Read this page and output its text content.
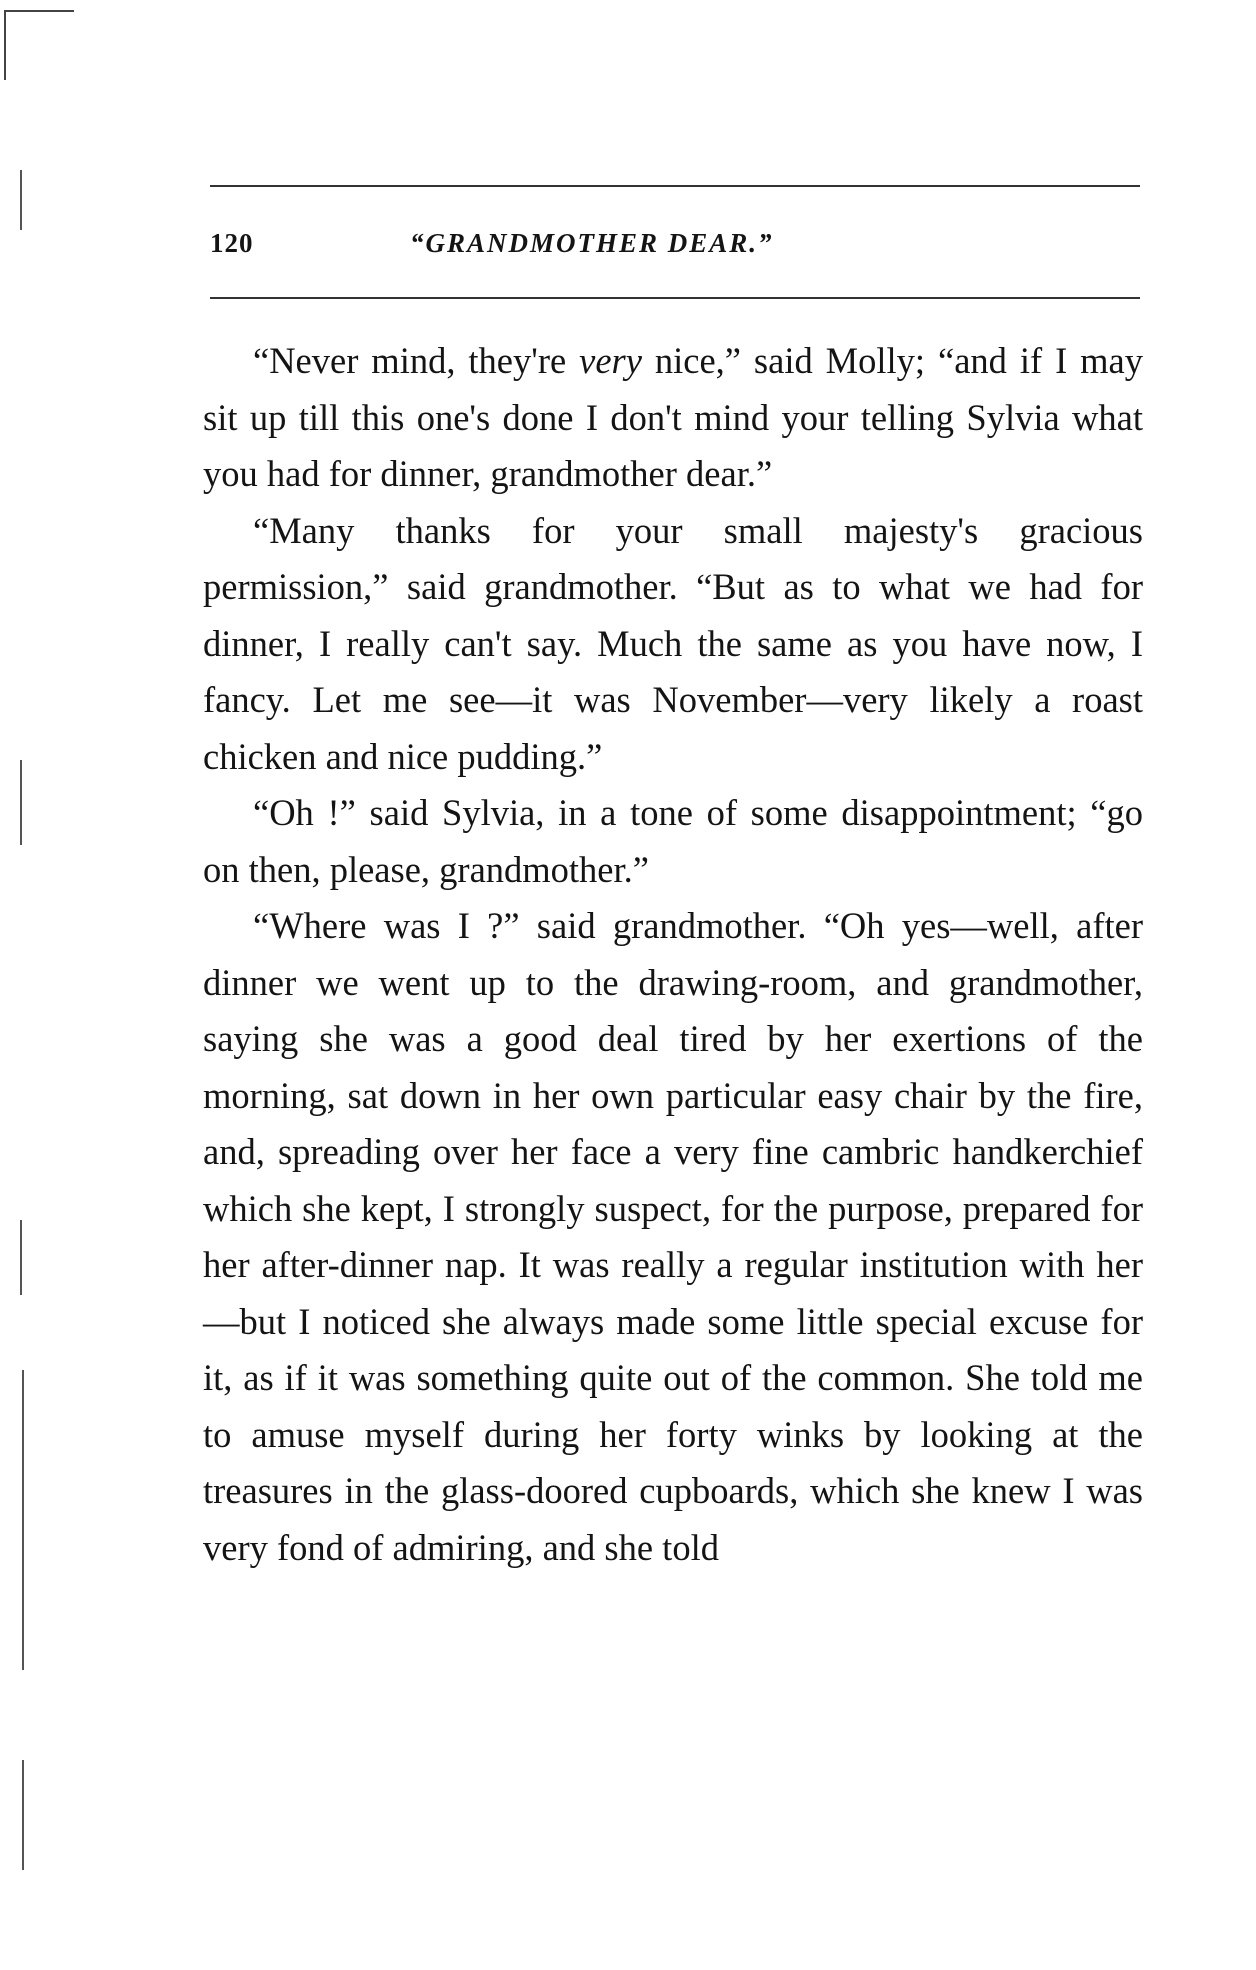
120	“GRANDMOTHER DEAR.”

“Never mind, they're very nice,” said Molly; “and if I may sit up till this one's done I don't mind your telling Sylvia what you had for dinner, grandmother dear.”

“Many thanks for your small majesty's gracious permission,” said grandmother. “But as to what we had for dinner, I really can't say. Much the same as you have now, I fancy. Let me see—it was November—very likely a roast chicken and nice pudding.”

“Oh !” said Sylvia, in a tone of some disappointment; “go on then, please, grandmother.”

“Where was I ?” said grandmother. “Oh yes—well, after dinner we went up to the drawing-room, and grandmother, saying she was a good deal tired by her exertions of the morning, sat down in her own particular easy chair by the fire, and, spreading over her face a very fine cambric handkerchief which she kept, I strongly suspect, for the purpose, prepared for her after-dinner nap. It was really a regular institution with her—but I noticed she always made some little special excuse for it, as if it was something quite out of the common. She told me to amuse myself during her forty winks by looking at the treasures in the glass-doored cupboards, which she knew I was very fond of admiring, and she told
